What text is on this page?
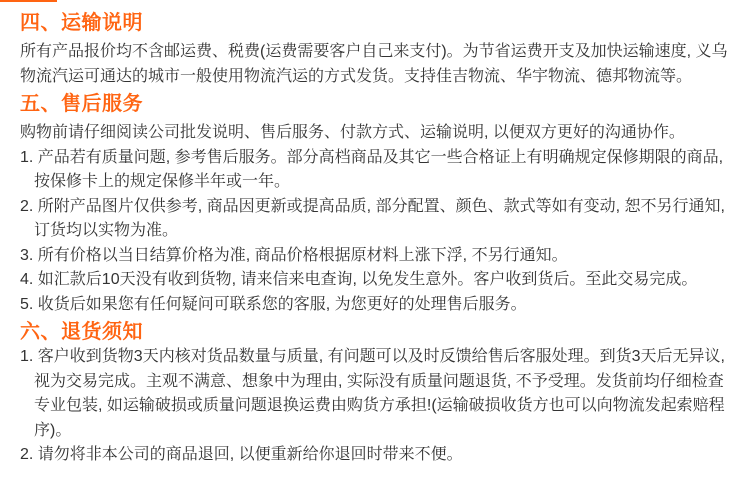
四、运输说明

所有产品报价均不含邮运费、税费(运费需要客户自己来支付)。为节省运费开支及加快运输速度, 义乌物流汽运可通达的城市一般使用物流汽运的方式发货。支持佳吉物流、华宇物流、德邦物流等。

五、售后服务

购物前请仔细阅读公司批发说明、售后服务、付款方式、运输说明, 以便双方更好的沟通协作。

1. 产品若有质量问题, 参考售后服务。部分高档商品及其它一些合格证上有明确规定保修期限的商品, 按保修卡上的规定保修半年或一年。
2. 所附产品图片仅供参考, 商品因更新或提高品质, 部分配置、颜色、款式等如有变动, 恕不另行通知, 订货均以实物为准。
3. 所有价格以当日结算价格为准, 商品价格根据原材料上涨下浮, 不另行通知。
4. 如汇款后10天没有收到货物, 请来信来电查询, 以免发生意外。客户收到货后。至此交易完成。
5. 收货后如果您有任何疑问可联系您的客服, 为您更好的处理售后服务。
六、退货须知
1. 客户收到货物3天内核对货品数量与质量, 有问题可以及时反馈给售后客服处理。到货3天后无异议, 视为交易完成。主观不满意、想象中为理由, 实际没有质量问题退货, 不予受理。发货前均仔细检查专业包装, 如运输破损或质量问题退换运费由购货方承担!(运输破损收货方也可以向物流发起索赔程序)。
2. 请勿将非本公司的商品退回, 以便重新给你退回时带来不便。
